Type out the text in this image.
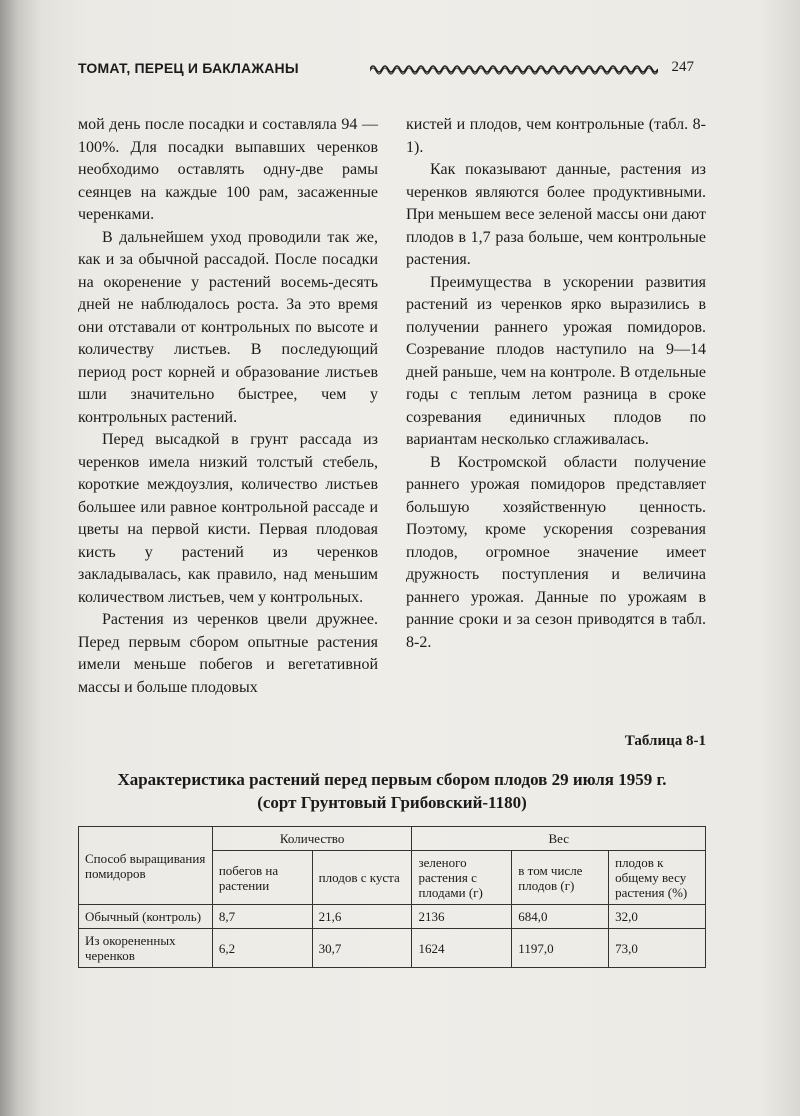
ТОМАТ, ПЕРЕЦ И БАКЛАЖАНЫ	247

мой день после посадки и составляла 94 —100%. Для посадки выпавших черенков необходимо оставлять одну-две рамы сеянцев на каждые 100 рам, засаженные черенками.

В дальнейшем уход проводили так же, как и за обычной рассадой. После посадки на окоренение у растений восемь-десять дней не наблюдалось роста. За это время они отставали от контрольных по высоте и количеству листьев. В последующий период рост корней и образование листьев шли значительно быстрее, чем у контрольных растений.

Перед высадкой в грунт рассада из черенков имела низкий толстый стебель, короткие междоузлия, количество листьев большее или равное контрольной рассаде и цветы на первой кисти. Первая плодовая кисть у растений из черенков закладывалась, как правило, над меньшим количеством листьев, чем у контрольных.

Растения из черенков цвели дружнее. Перед первым сбором опытные растения имели меньше побегов и вегетативной массы и больше плодовых

кистей и плодов, чем контрольные (табл. 8-1).

Как показывают данные, растения из черенков являются более продуктивными. При меньшем весе зеленой массы они дают плодов в 1,7 раза больше, чем контрольные растения.

Преимущества в ускорении развития растений из черенков ярко выразились в получении раннего урожая помидоров. Созревание плодов наступило на 9—14 дней раньше, чем на контроле. В отдельные годы с теплым летом разница в сроке созревания единичных плодов по вариантам несколько сглаживалась.

В Костромской области получение раннего урожая помидоров представляет большую хозяйственную ценность. Поэтому, кроме ускорения созревания плодов, огромное значение имеет дружность поступления и величина раннего урожая. Данные по урожаям в ранние сроки и за сезон приводятся в табл. 8-2.

Таблица 8-1
Характеристика растений перед первым сбором плодов 29 июля 1959 г.
(сорт Грунтовый Грибовский-1180)
Способ выращивания помидоров	Количество		Вес		
	побегов на растении	плодов с куста	зеленого растения с плодами (г)	в том числе плодов (г)	плодов к общему весу растения (%)
Обычный (контроль)	8,7	21,6	2136	684,0	32,0
Из окорененных черенков	6,2	30,7	1624	1197,0	73,0
